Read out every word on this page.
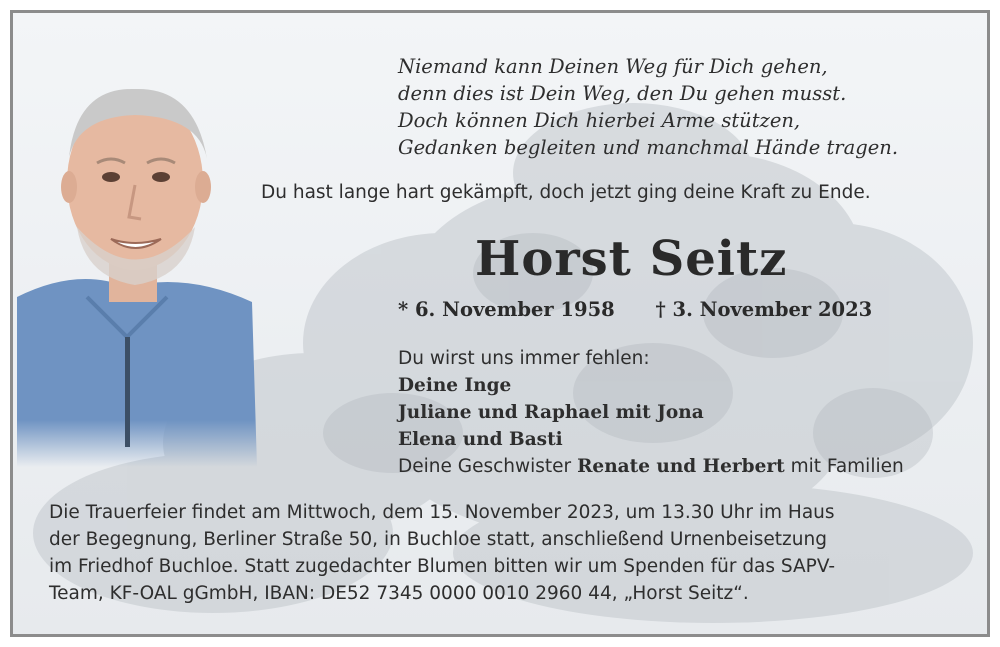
Niemand kann Deinen Weg für Dich gehen,
denn dies ist Dein Weg, den Du gehen musst.
Doch können Dich hierbei Arme stützen,
Gedanken begleiten und manchmal Hände tragen.
Du hast lange hart gekämpft, doch jetzt ging deine Kraft zu Ende.
Horst Seitz
* 6. November 1958 † 3. November 2023
Du wirst uns immer fehlen:
Deine Inge
Juliane und Raphael mit Jona
Elena und Basti
Deine Geschwister Renate und Herbert mit Familien
Die Trauerfeier findet am Mittwoch, dem 15. November 2023, um 13.30 Uhr im Haus
der Begegnung, Berliner Straße 50, in Buchloe statt, anschließend Urnenbeisetzung
im Friedhof Buchloe. Statt zugedachter Blumen bitten wir um Spenden für das SAPV-
Team, KF-OAL gGmbH, IBAN: DE52 7345 0000 0010 2960 44, „Horst Seitz“.
